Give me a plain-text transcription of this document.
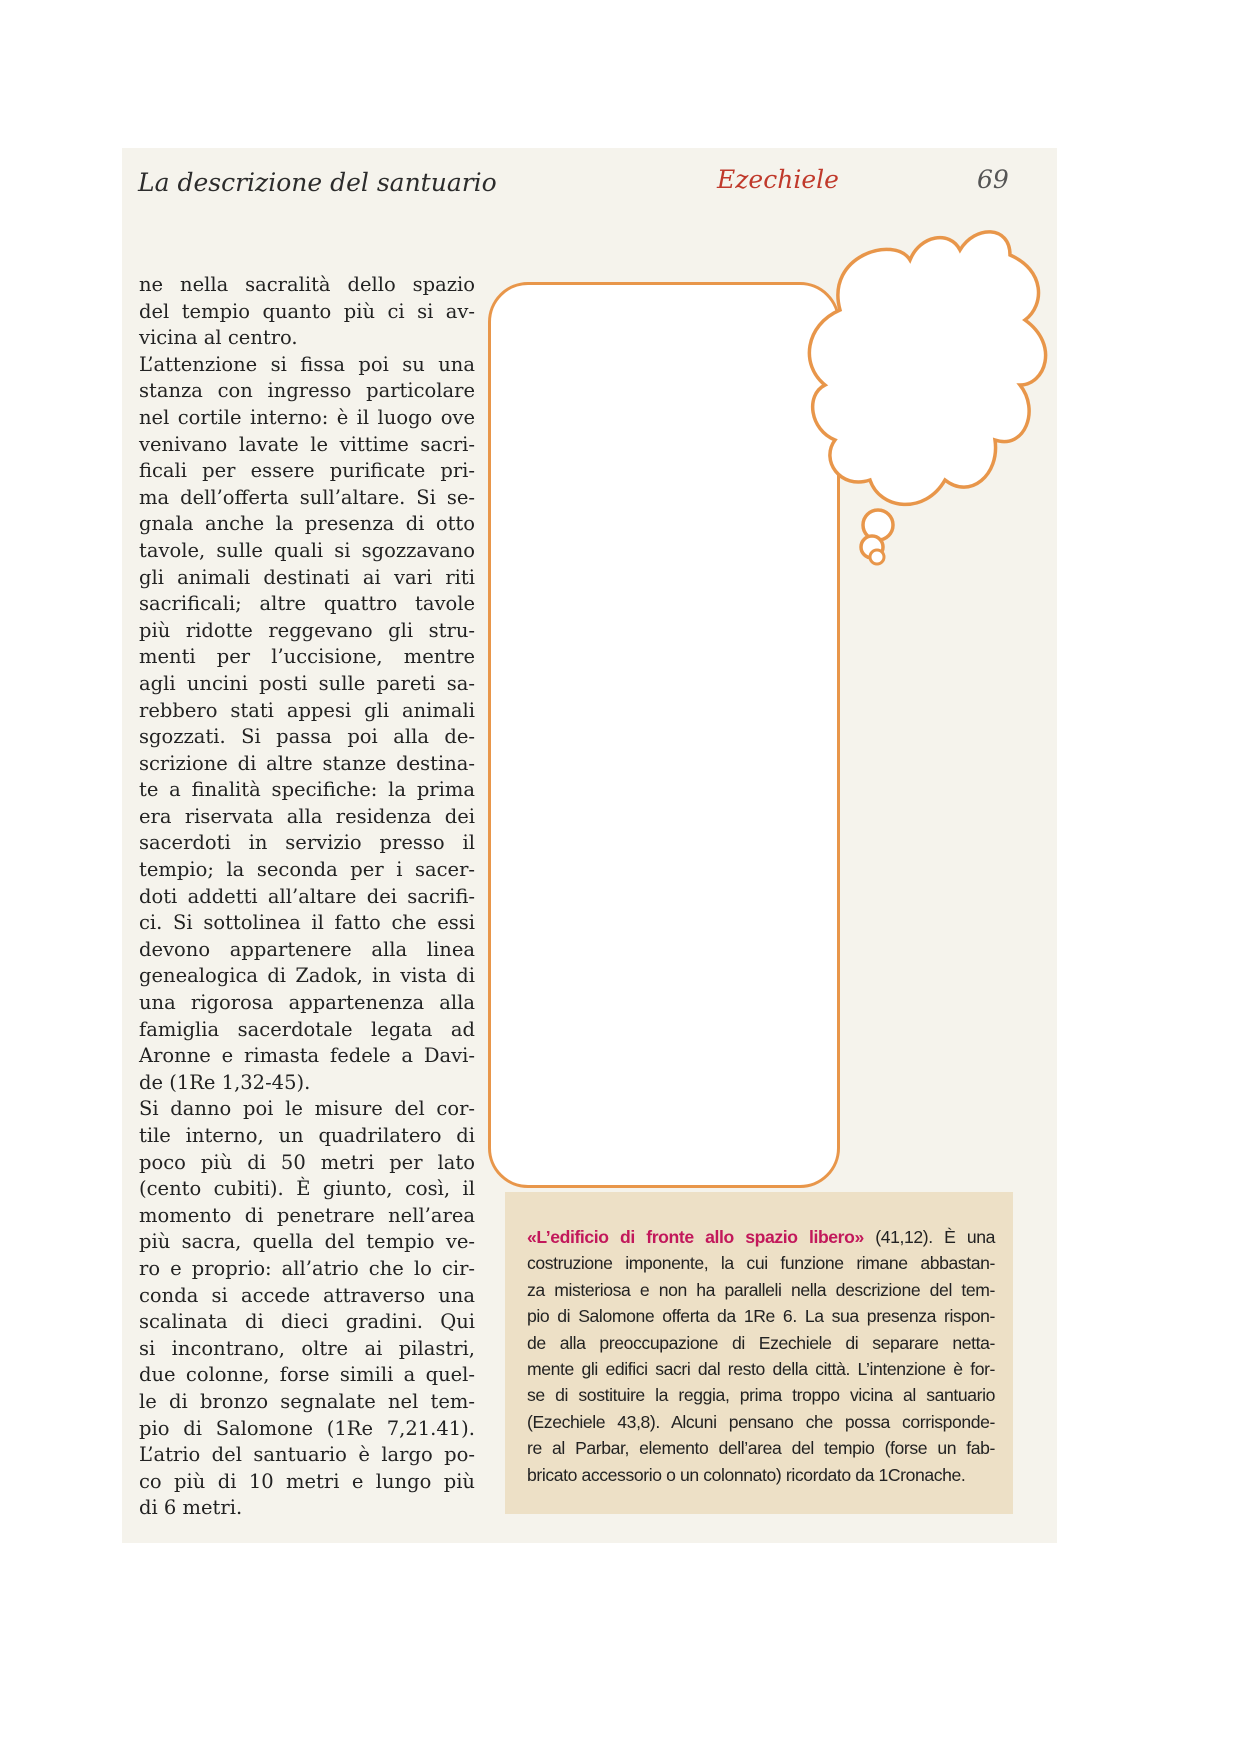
La descrizione del santuario	Ezechiele	69
ne nella sacralità dello spazio
del tempio quanto più ci si av-
vicina al centro.
L’attenzione si fissa poi su una
stanza con ingresso particolare
nel cortile interno: è il luogo ove
venivano lavate le vittime sacri-
ficali per essere purificate pri-
ma dell’offerta sull’altare. Si se-
gnala anche la presenza di otto
tavole, sulle quali si sgozzavano
gli animali destinati ai vari riti
sacrificali; altre quattro tavole
più ridotte reggevano gli stru-
menti per l’uccisione, mentre
agli uncini posti sulle pareti sa-
rebbero stati appesi gli animali
sgozzati. Si passa poi alla de-
scrizione di altre stanze destina-
te a finalità specifiche: la prima
era riservata alla residenza dei
sacerdoti in servizio presso il
tempio; la seconda per i sacer-
doti addetti all’altare dei sacrifi-
ci. Si sottolinea il fatto che essi
devono appartenere alla linea
genealogica di Zadok, in vista di
una rigorosa appartenenza alla
famiglia sacerdotale legata ad
Aronne e rimasta fedele a Davi-
de (1Re 1,32-45).
Si danno poi le misure del cor-
tile interno, un quadrilatero di
poco più di 50 metri per lato
(cento cubiti). È giunto, così, il
momento di penetrare nell’area
più sacra, quella del tempio ve-
ro e proprio: all’atrio che lo cir-
conda si accede attraverso una
scalinata di dieci gradini. Qui
si incontrano, oltre ai pilastri,
due colonne, forse simili a quel-
le di bronzo segnalate nel tem-
pio di Salomone (1Re 7,21.41).
L’atrio del santuario è largo po-
co più di 10 metri e lungo più
di 6 metri.

«L’edificio di fronte allo spazio libero» (41,12). È una
costruzione imponente, la cui funzione rimane abbastan-
za misteriosa e non ha paralleli nella descrizione del tem-
pio di Salomone offerta da 1Re 6. La sua presenza rispon-
de alla preoccupazione di Ezechiele di separare netta-
mente gli edifici sacri dal resto della città. L’intenzione è for-
se di sostituire la reggia, prima troppo vicina al santuario
(Ezechiele 43,8). Alcuni pensano che possa corrisponde-
re al Parbar, elemento dell’area del tempio (forse un fab-
bricato accessorio o un colonnato) ricordato da 1Cronache.
